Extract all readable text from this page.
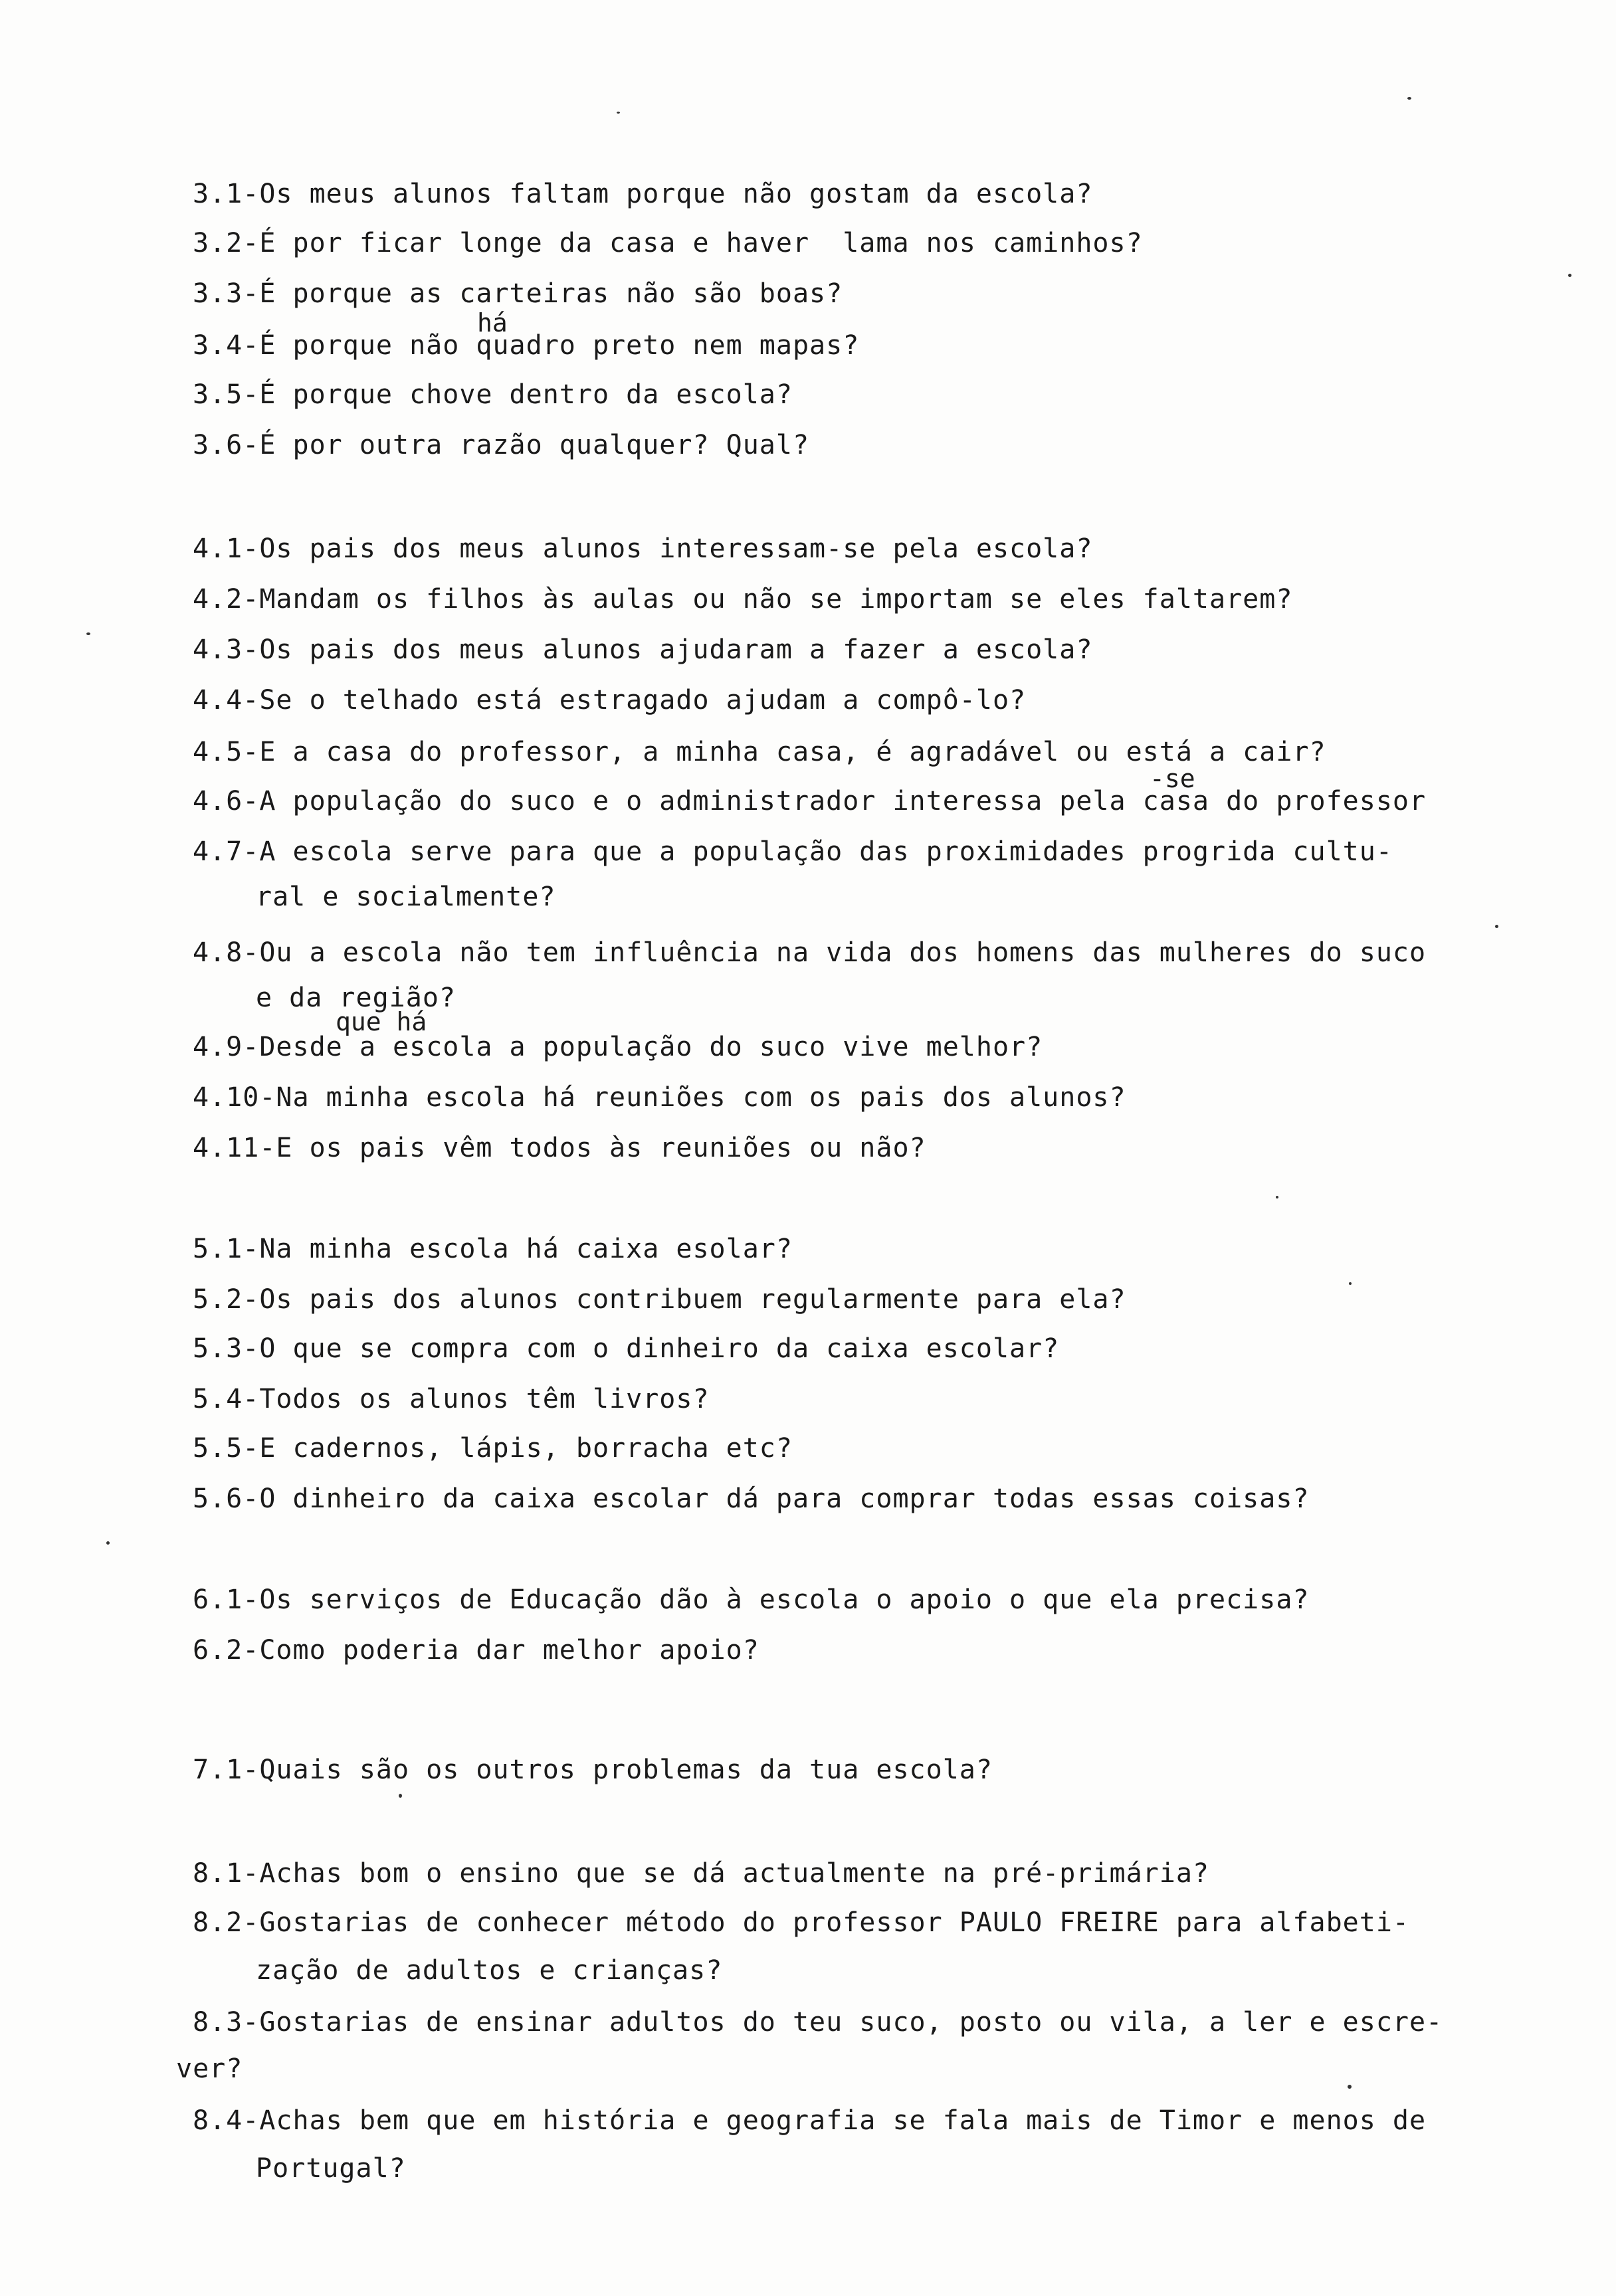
3.1-Os meus alunos faltam porque não gostam da escola?
3.2-É por ficar longe da casa e haver  lama nos caminhos?
3.3-É porque as carteiras não são boas?
há
3.4-É porque não quadro preto nem mapas?
3.5-É porque chove dentro da escola?
3.6-É por outra razão qualquer? Qual?
4.1-Os pais dos meus alunos interessam-se pela escola?
4.2-Mandam os filhos às aulas ou não se importam se eles faltarem?
4.3-Os pais dos meus alunos ajudaram a fazer a escola?
4.4-Se o telhado está estragado ajudam a compô-lo?
4.5-E a casa do professor, a minha casa, é agradável ou está a cair?
-se
4.6-A população do suco e o administrador interessa pela casa do professor
4.7-A escola serve para que a população das proximidades progrida cultu-
ral e socialmente?
4.8-Ou a escola não tem influência na vida dos homens das mulheres do suco
e da região?
que há
4.9-Desde a escola a população do suco vive melhor?
4.10-Na minha escola há reuniões com os pais dos alunos?
4.11-E os pais vêm todos às reuniões ou não?
5.1-Na minha escola há caixa esolar?
5.2-Os pais dos alunos contribuem regularmente para ela?
5.3-O que se compra com o dinheiro da caixa escolar?
5.4-Todos os alunos têm livros?
5.5-E cadernos, lápis, borracha etc?
5.6-O dinheiro da caixa escolar dá para comprar todas essas coisas?
6.1-Os serviços de Educação dão à escola o apoio o que ela precisa?
6.2-Como poderia dar melhor apoio?
7.1-Quais são os outros problemas da tua escola?
8.1-Achas bom o ensino que se dá actualmente na pré-primária?
8.2-Gostarias de conhecer método do professor PAULO FREIRE para alfabeti-
zação de adultos e crianças?
8.3-Gostarias de ensinar adultos do teu suco, posto ou vila, a ler e escre-
ver?
8.4-Achas bem que em história e geografia se fala mais de Timor e menos de
Portugal?
